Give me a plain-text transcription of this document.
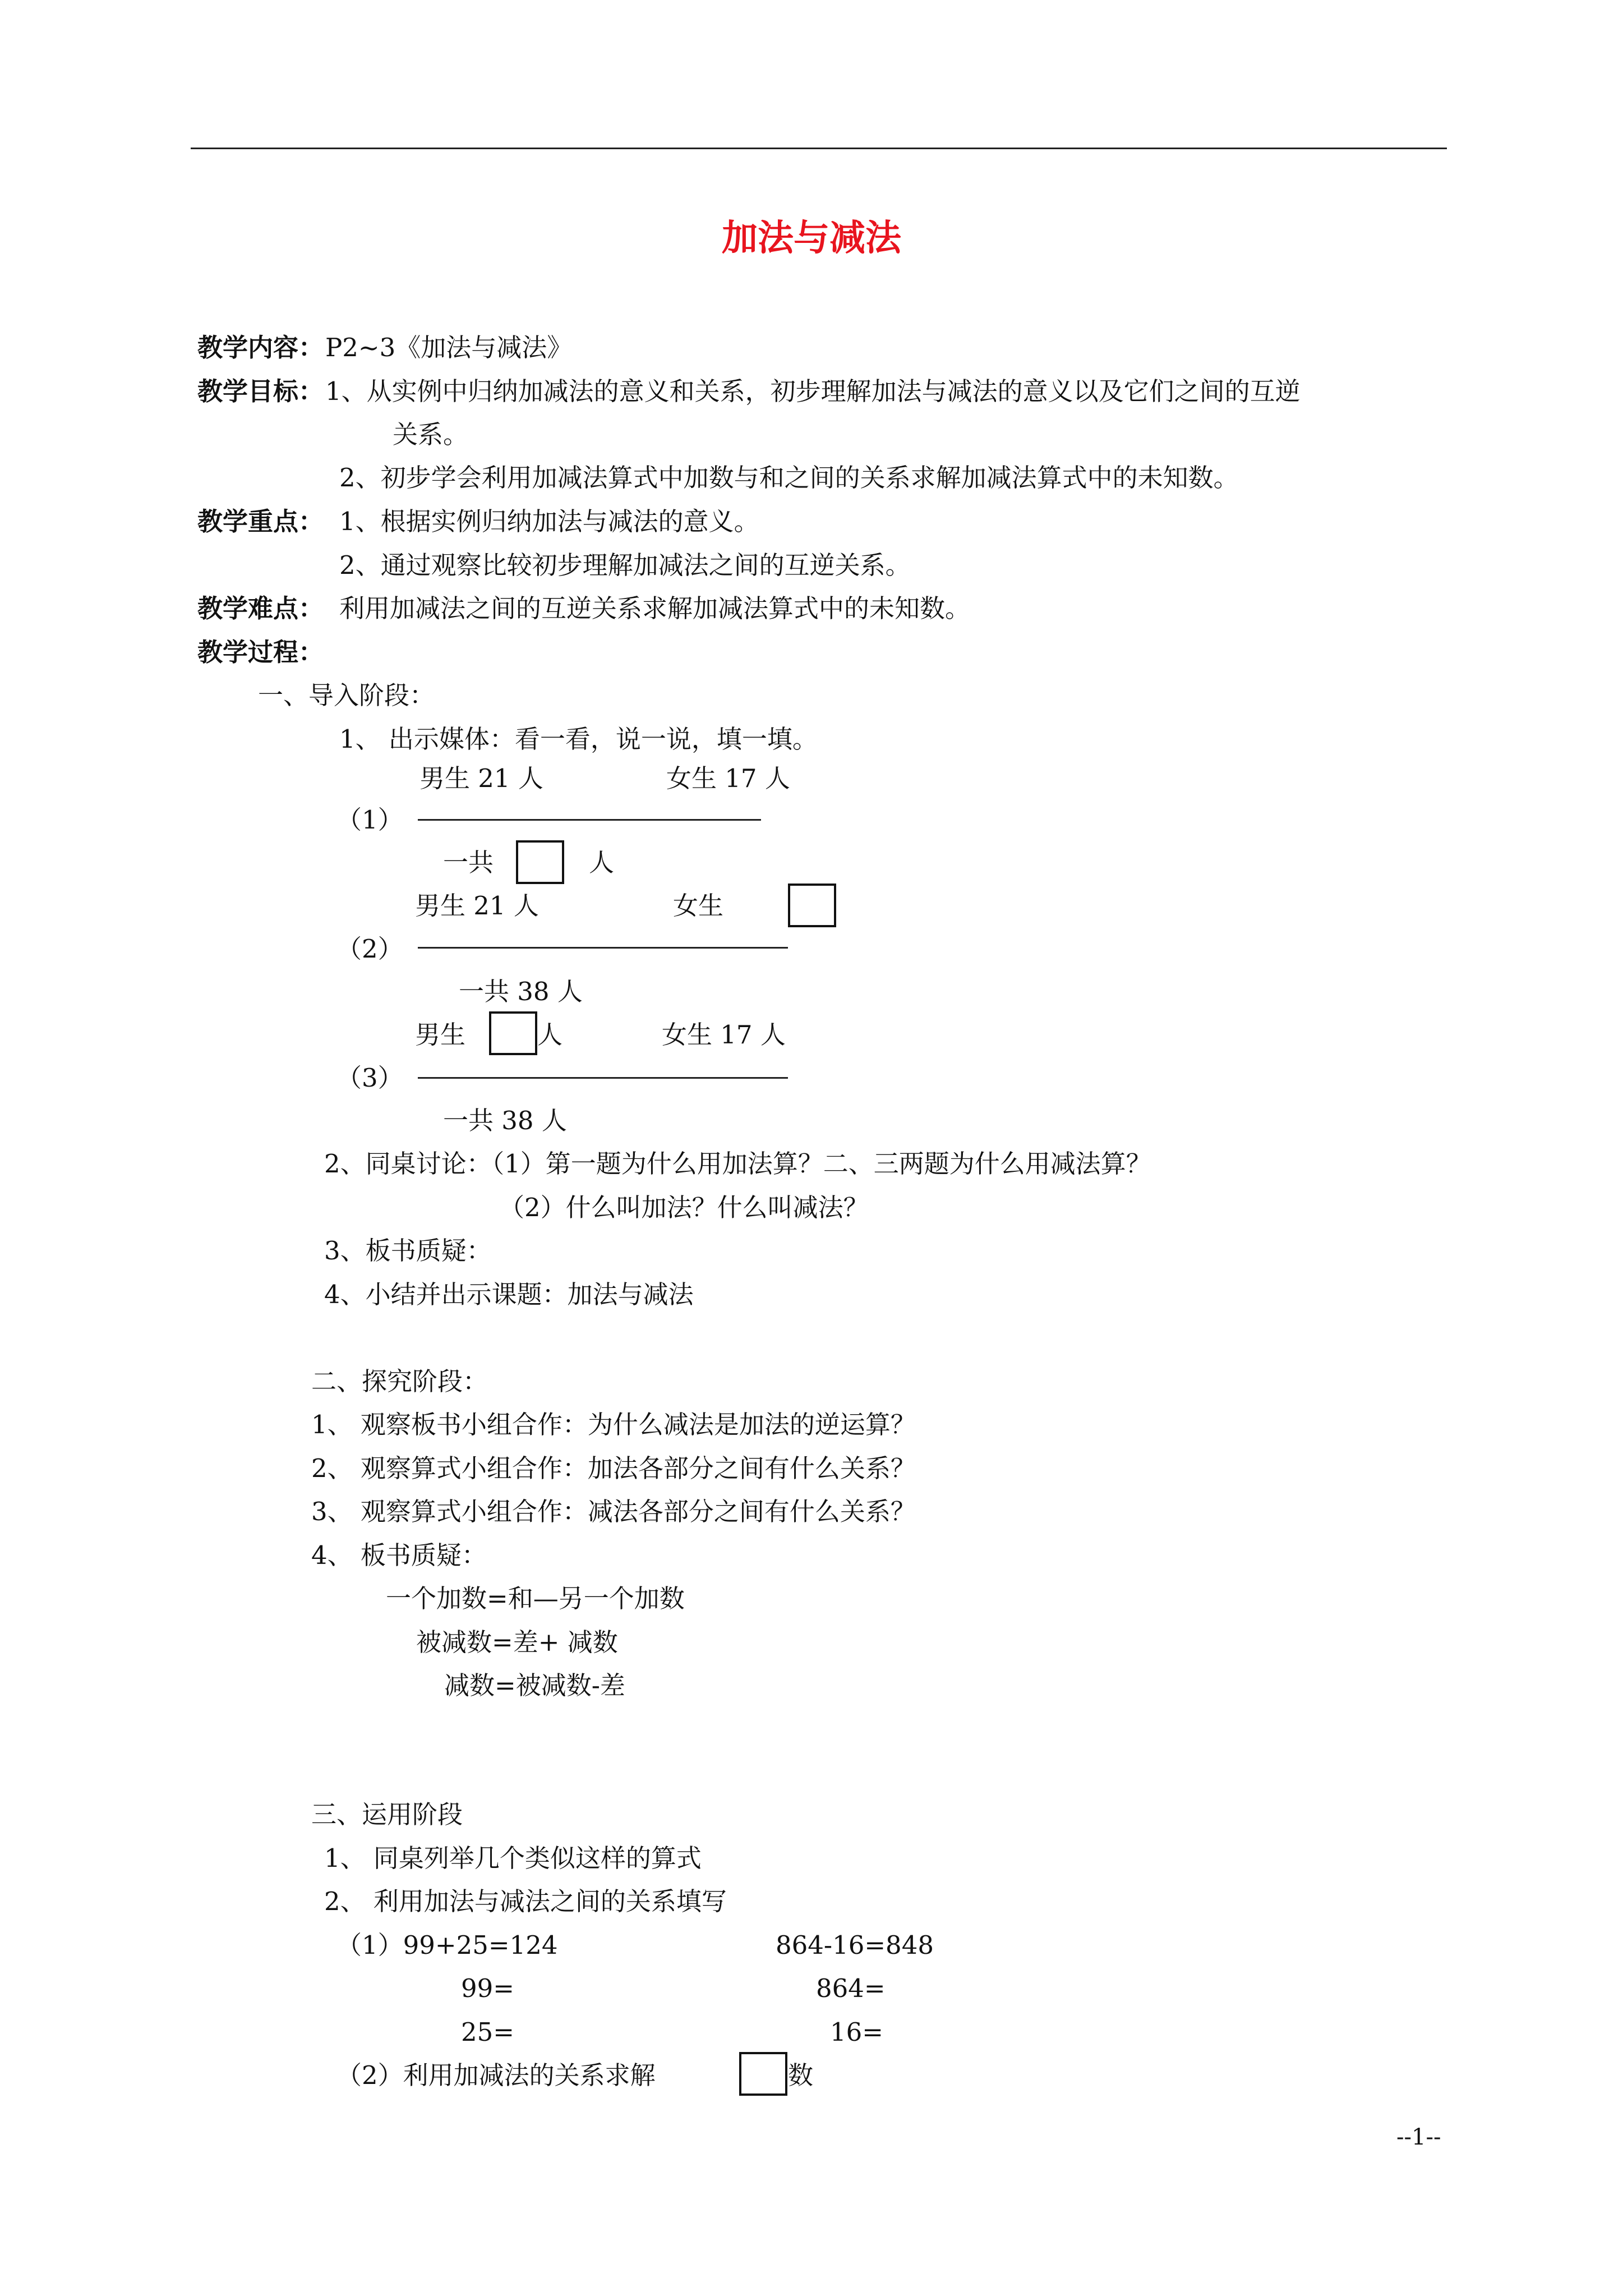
加法与减法
教学内容： P2~3《加法与减法》
教学目标： 1、从实例中归纳加减法的意义和关系，初步理解加法与减法的意义以及它们之间的互逆
关系。
2、初步学会利用加减法算式中加数与和之间的关系求解加减法算式中的未知数。
教学重点： 1、根据实例归纳加法与减法的意义。
2、通过观察比较初步理解加减法之间的互逆关系。
教学难点： 利用加减法之间的互逆关系求解加减法算式中的未知数。
教学过程：
一、导入阶段：
1、 出示媒体：看一看，说一说，填一填。
男生 21 人	女生 17 人
（1）
一共	人
男生 21 人	女生
（2）
一共 38 人
男生	人	女生 17 人
（3）
一共 38 人
2、同桌讨论：（1）第一题为什么用加法算？二、三两题为什么用减法算？
（2）什么叫加法？什么叫减法？
3、板书质疑：
4、小结并出示课题：加法与减法
二、探究阶段：
1、 观察板书小组合作：为什么减法是加法的逆运算？
2、 观察算式小组合作：加法各部分之间有什么关系？
3、 观察算式小组合作：减法各部分之间有什么关系？
4、 板书质疑：
一个加数=和—另一个加数
被减数=差+ 减数
减数=被减数-差
三、运用阶段
1、 同桌列举几个类似这样的算式
2、 利用加法与减法之间的关系填写
（1）99+25=124	864-16=848
99=	864=
25=	16=
（2）利用加减法的关系求解	数
--1--
